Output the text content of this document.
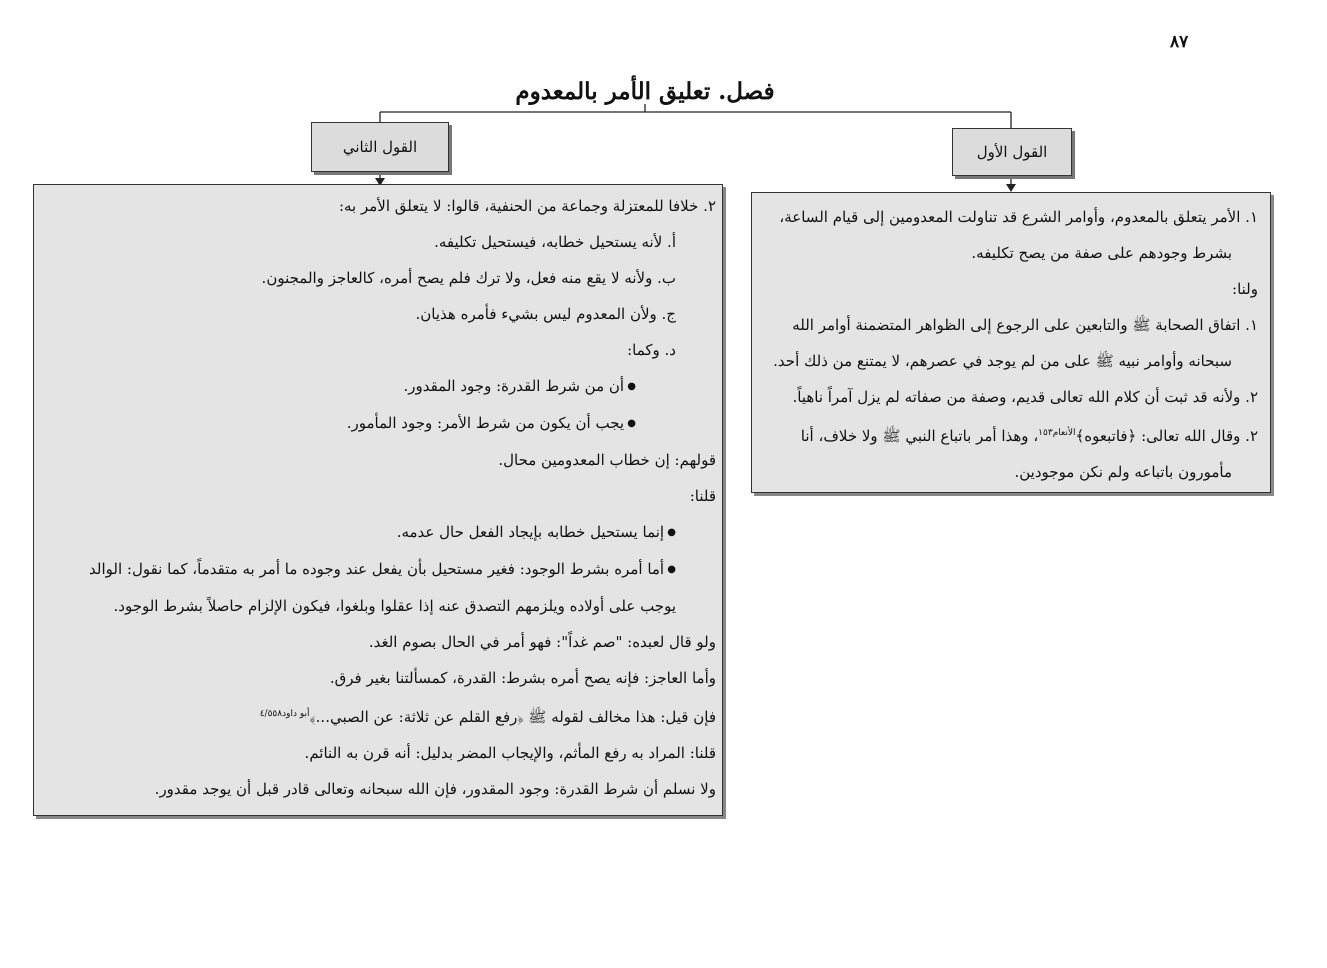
٨٧
فصل. تعليق الأمر بالمعدوم
القول الأول
القول الثاني
١. الأمر يتعلق بالمعدوم، وأوامر الشرع قد تناولت المعدومين إلى قيام الساعة،
بشرط وجودهم على صفة من يصح تكليفه.
ولنا:
١. اتفاق الصحابة ﷺ والتابعين على الرجوع إلى الظواهر المتضمنة أوامر الله
سبحانه وأوامر نبيه ﷺ على من لم يوجد في عصرهم، لا يمتنع من ذلك أحد.
٢. ولأنه قد ثبت أن كلام الله تعالى قديم، وصفة من صفاته لم يزل آمراً ناهياً.
٢. وقال الله تعالى: ﴿فاتبعوه﴾$^{الأنعام١٥٣}$، وهذا أمر باتباع النبي ﷺ ولا خلاف، أنا
مأمورون باتباعه ولم نكن موجودين.
٢. خلافا للمعتزلة وجماعة من الحنفية، قالوا: لا يتعلق الأمر به:
أ. لأنه يستحيل خطابه، فيستحيل تكليفه.
ب. ولأنه لا يقع منه فعل، ولا ترك فلم يصح أمره، كالعاجز والمجنون.
ج. ولأن المعدوم ليس بشيء فأمره هذيان.
د. وكما:
● أن من شرط القدرة: وجود المقدور.
● يجب أن يكون من شرط الأمر: وجود المأمور.
قولهم: إن خطاب المعدومين محال.
قلنا:
● إنما يستحيل خطابه بإيجاد الفعل حال عدمه.
● أما أمره بشرط الوجود: فغير مستحيل بأن يفعل عند وجوده ما أمر به متقدماً، كما نقول: الوالد
يوجب على أولاده ويلزمهم التصدق عنه إذا عقلوا وبلغوا، فيكون الإلزام حاصلاً بشرط الوجود.
ولو قال لعبده: "صم غداً": فهو أمر في الحال بصوم الغد.
وأما العاجز: فإنه يصح أمره بشرط: القدرة، كمسألتنا بغير فرق.
فإن قيل: هذا مخالف لقوله ﷺ ﴿رفع القلم عن ثلاثة: عن الصبي...﴾$^{أبو داود٤/٥٥٨}$
قلنا: المراد به رفع المأثم، والإيجاب المضر بدليل: أنه قرن به النائم.
ولا نسلم أن شرط القدرة: وجود المقدور، فإن الله سبحانه وتعالى قادر قبل أن يوجد مقدور.
